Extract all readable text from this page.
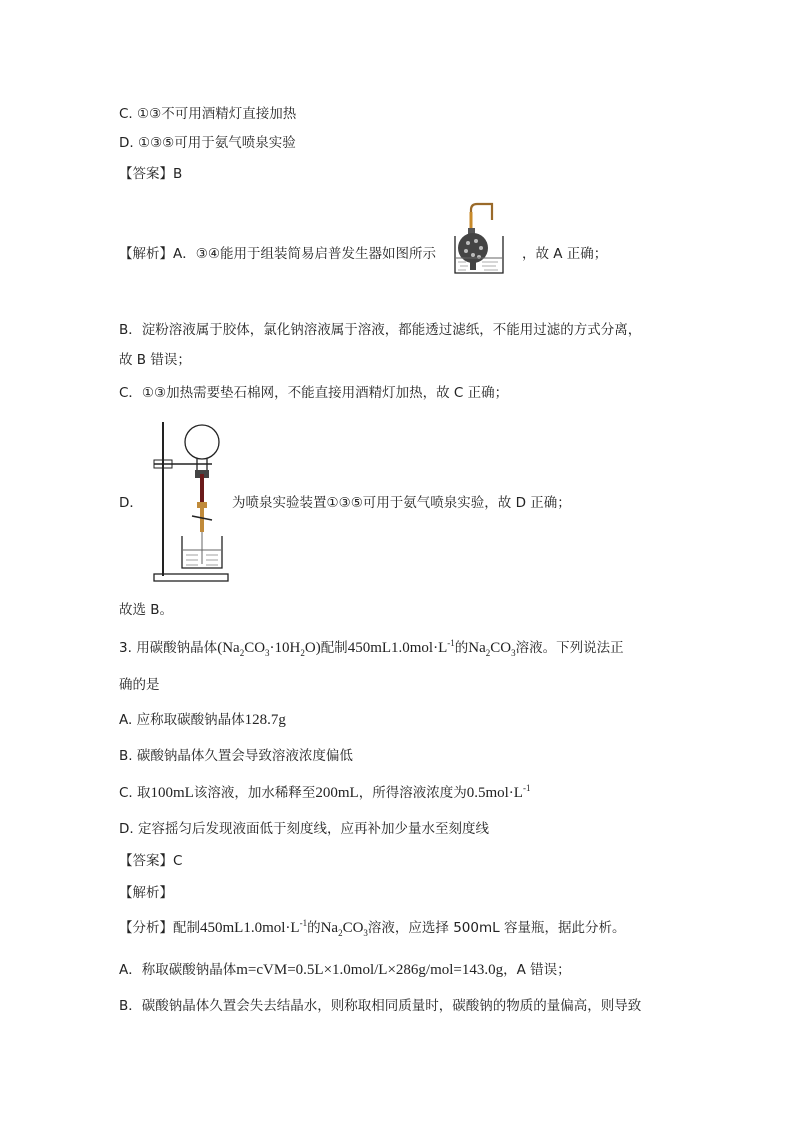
C. ①③不可用酒精灯直接加热
D. ①③⑤可用于氨气喷泉实验
【答案】B
【解析】A．③④能用于组装简易启普发生器如图所示	，故 A 正确；
B．淀粉溶液属于胶体，氯化钠溶液属于溶液，都能透过滤纸，不能用过滤的方式分离，
故 B 错误；
C．①③加热需要垫石棉网，不能直接用酒精灯加热，故 C 正确；
D．	为喷泉实验装置①③⑤可用于氨气喷泉实验，故 D 正确；
故选 B。
3. 用碳酸钠晶体$(Na_2CO_3\cdot 10H_2O)$配制$450mL1.0mol\cdot L^{-1}$的$Na_2CO_3$溶液。下列说法正
确的是
A. 应称取碳酸钠晶体128.7g
B. 碳酸钠晶体久置会导致溶液浓度偏低
C. 取100mL该溶液，加水稀释至200mL，所得溶液浓度为$0.5mol\cdot L^{-1}$
D. 定容摇匀后发现液面低于刻度线，应再补加少量水至刻度线
【答案】C
【解析】
【分析】配制$450mL1.0mol\cdot L^{-1}$的$Na_2CO_3$溶液，应选择 500mL 容量瓶，据此分析。
A．称取碳酸钠晶体m=cVM=0.5L×1.0mol/L×286g/mol=143.0g，A 错误；
B．碳酸钠晶体久置会失去结晶水，则称取相同质量时，碳酸钠的物质的量偏高，则导致
